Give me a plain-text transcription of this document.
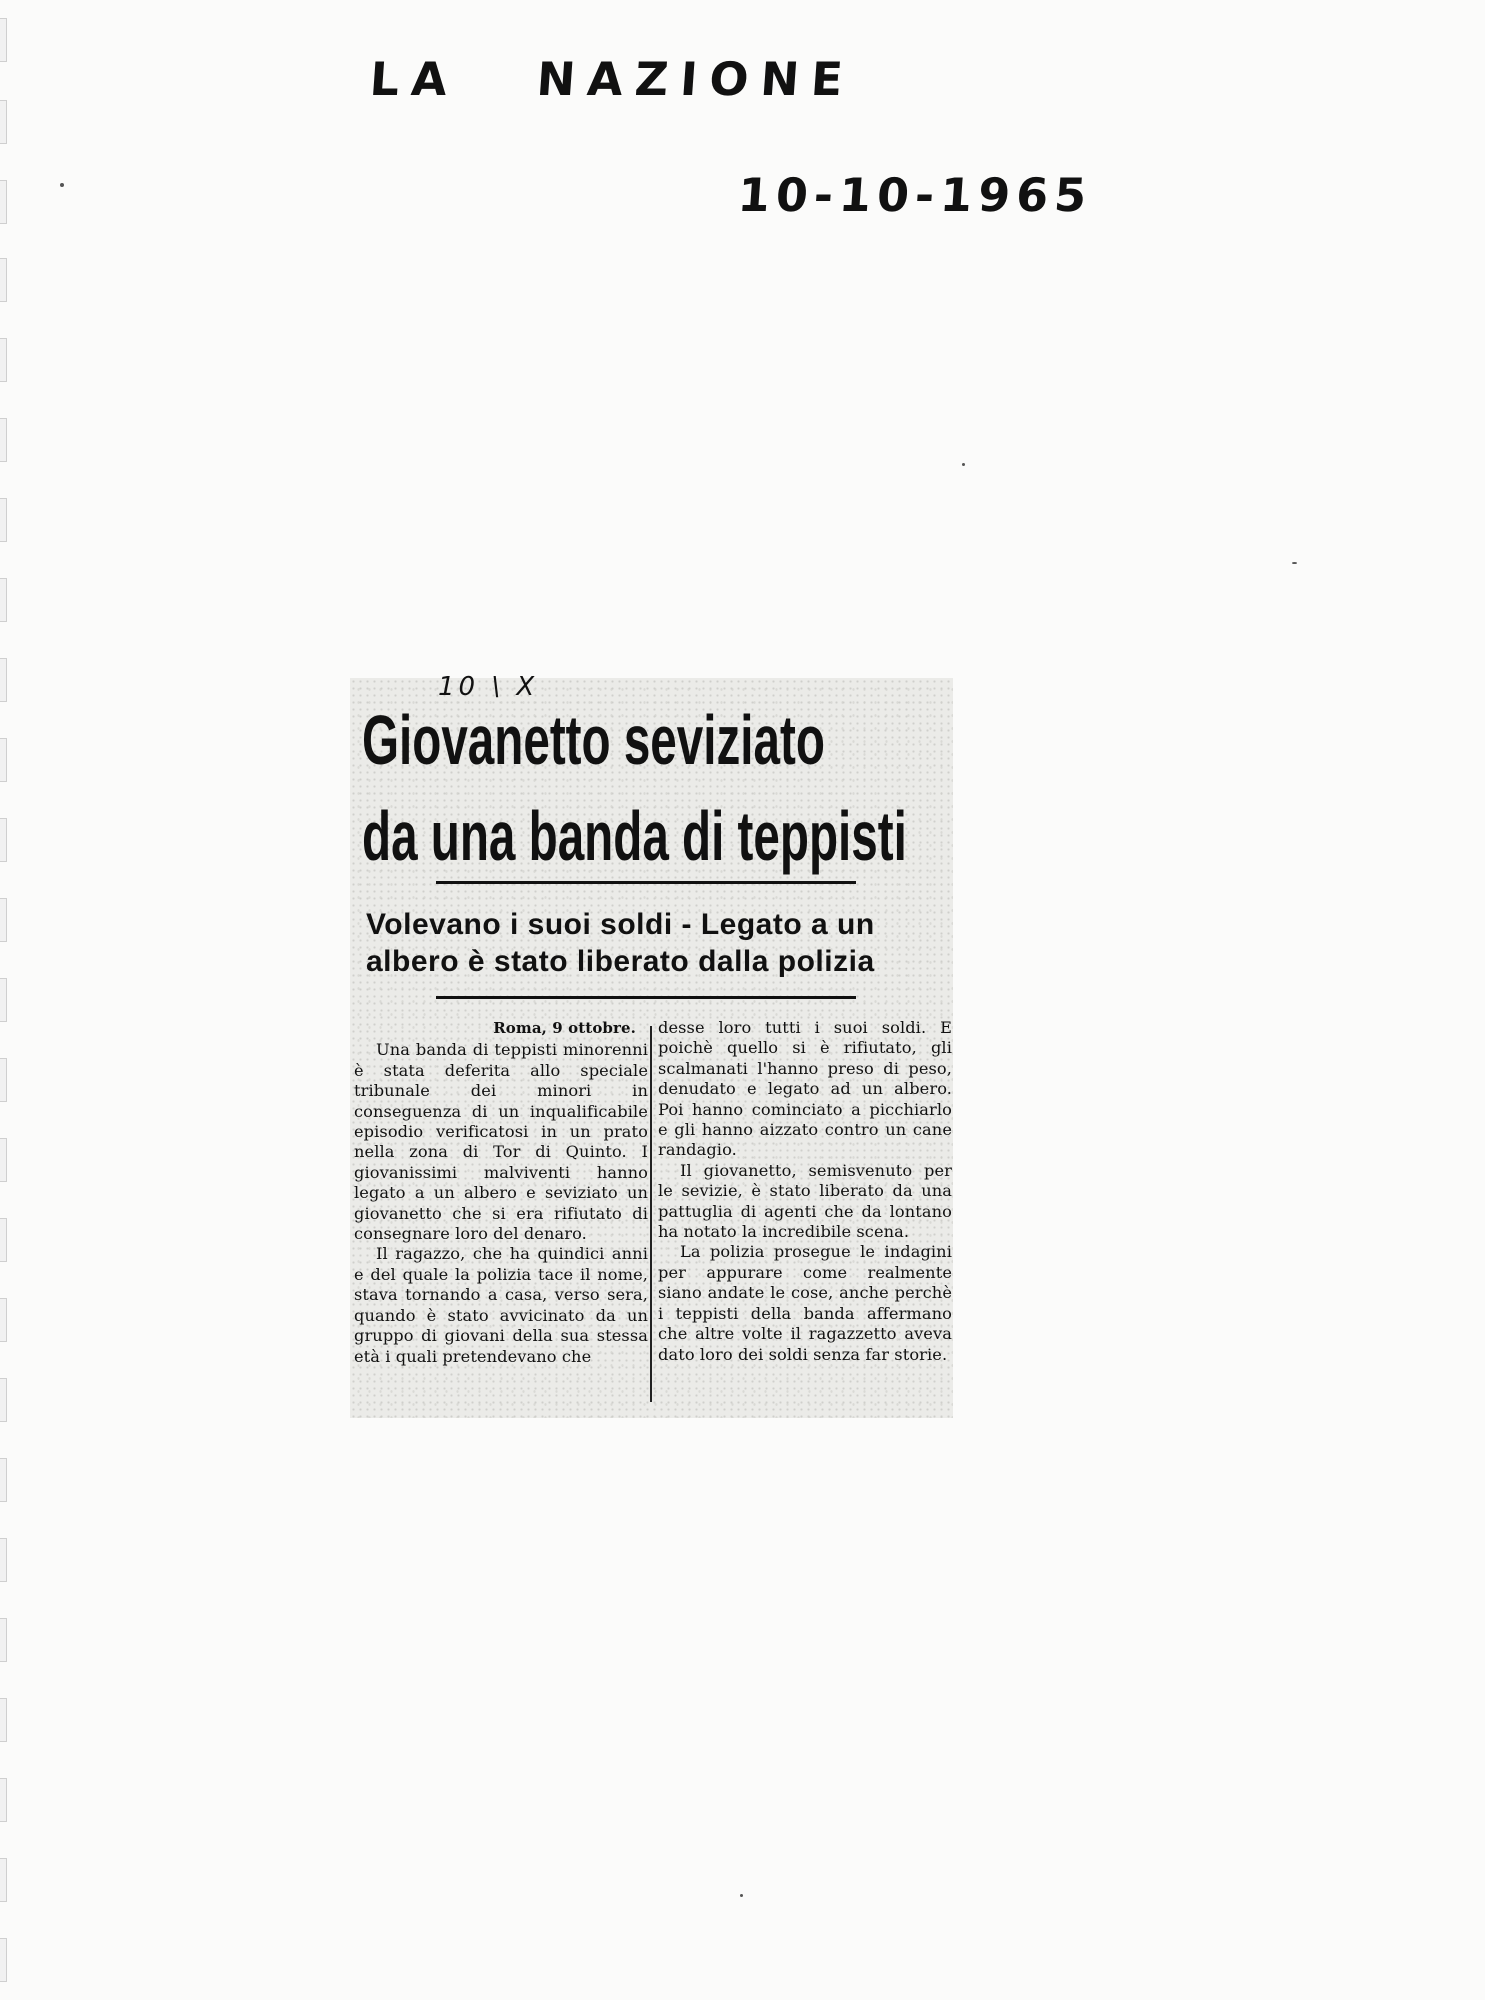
LA NAZIONE
10-10-1965
10 \ X
Giovanetto seviziato
da una banda di teppisti
Volevano i suoi soldi - Legato a un albero è stato liberato dalla polizia
Roma, 9 ottobre.

Una banda di teppisti minorenni è stata deferita allo speciale tribunale dei minori in conseguenza di un inqualificabile episodio verificatosi in un prato nella zona di Tor di Quinto. I giovanissimi malviventi hanno legato a un albero e seviziato un giovanetto che si era rifiutato di consegnare loro del denaro.

Il ragazzo, che ha quindici anni e del quale la polizia tace il nome, stava tornando a casa, verso sera, quando è stato avvicinato da un gruppo di giovani della sua stessa età i quali pretendevano che

desse loro tutti i suoi soldi. E poichè quello si è rifiutato, gli scalmanati l'hanno preso di peso, denudato e legato ad un albero. Poi hanno cominciato a picchiarlo e gli hanno aizzato contro un cane randagio.

Il giovanetto, semisvenuto per le sevizie, è stato liberato da una pattuglia di agenti che da lontano ha notato la incredibile scena.

La polizia prosegue le indagini per appurare come realmente siano andate le cose, anche perchè i teppisti della banda affermano che altre volte il ragazzetto aveva dato loro dei soldi senza far storie.
